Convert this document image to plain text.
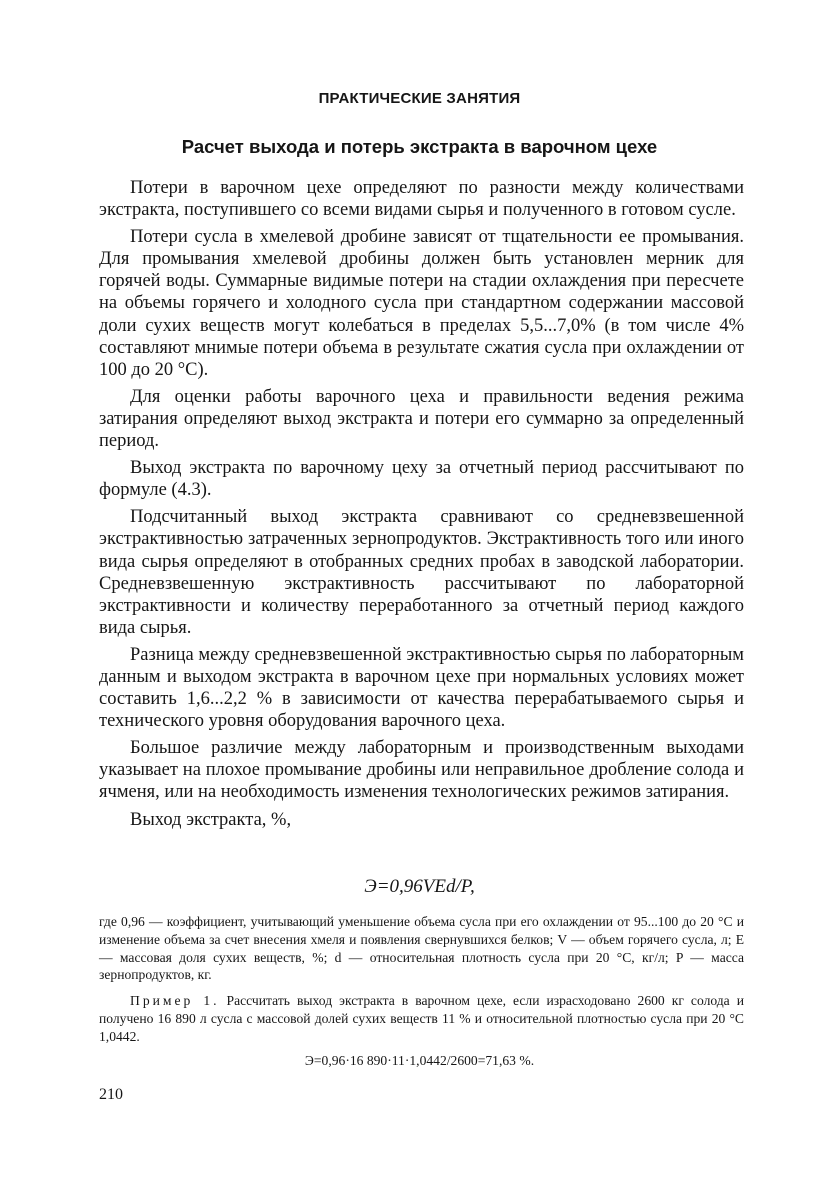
ПРАКТИЧЕСКИЕ ЗАНЯТИЯ
Расчет выхода и потерь экстракта в варочном цехе

Потери в варочном цехе определяют по разности между количествами экстракта, поступившего со всеми видами сырья и полученного в готовом сусле.

Потери сусла в хмелевой дробине зависят от тщательности ее промывания. Для промывания хмелевой дробины должен быть установлен мерник для горячей воды. Суммарные видимые потери на стадии охлаждения при пересчете на объемы горячего и холодного сусла при стандартном содержании массовой доли сухих веществ могут колебаться в пределах 5,5...7,0% (в том числе 4% составляют мнимые потери объема в результате сжатия сусла при охлаждении от 100 до 20 °С).

Для оценки работы варочного цеха и правильности ведения режима затирания определяют выход экстракта и потери его суммарно за определенный период.

Выход экстракта по варочному цеху за отчетный период рассчитывают по формуле (4.3).

Подсчитанный выход экстракта сравнивают со средневзвешенной экстрактивностью затраченных зернопродуктов. Экстрактивность того или иного вида сырья определяют в отобранных средних пробах в заводской лаборатории. Средневзвешенную экстрактивность рассчитывают по лабораторной экстрактивности и количеству переработанного за отчетный период каждого вида сырья.

Разница между средневзвешенной экстрактивностью сырья по лабораторным данным и выходом экстракта в варочном цехе при нормальных условиях может составить 1,6...2,2 % в зависимости от качества перерабатываемого сырья и технического уровня оборудования варочного цеха.

Большое различие между лабораторным и производственным выходами указывает на плохое промывание дробины или неправильное дробление солода и ячменя, или на необходимость изменения технологических режимов затирания.

Выход экстракта, %,

Э=0,96VEd/P,
где 0,96 — коэффициент, учитывающий уменьшение объема сусла при его охлаждении от 95...100 до 20 °С и изменение объема за счет внесения хмеля и появления свернувшихся белков; V — объем горячего сусла, л; E — массовая доля сухих веществ, %; d — относительная плотность сусла при 20 °С, кг/л; P — масса зернопродуктов, кг.
Пример 1. Рассчитать выход экстракта в варочном цехе, если израсходовано 2600 кг солода и получено 16 890 л сусла с массовой долей сухих веществ 11 % и относительной плотностью сусла при 20 °С 1,0442.
Э=0,96·16 890·11·1,0442/2600=71,63 %.
210
